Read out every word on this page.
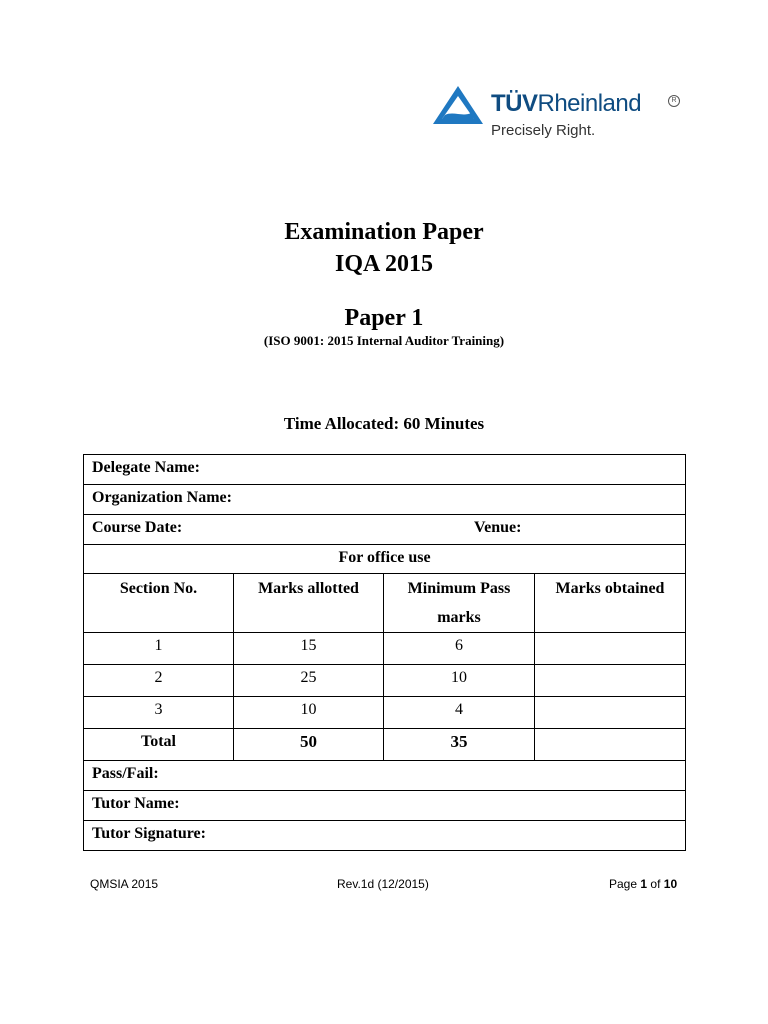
TÜVRheinland	R
Precisely Right.
Examination Paper
IQA 2015
Paper 1
(ISO 9001: 2015 Internal Auditor Training)
Time Allocated: 60 Minutes
Delegate Name:			
Organization Name:			
Course Date: Venue:			

For office use			
Section No.	Marks allotted	Minimum Pass marks	Marks obtained
1	15	6	
2	25	10	
3	10	4	
Total	50	35	
Pass/Fail:			
Tutor Name:			
Tutor Signature:			
QMSIA 2015	Rev.1d (12/2015)	Page 1 of 10
